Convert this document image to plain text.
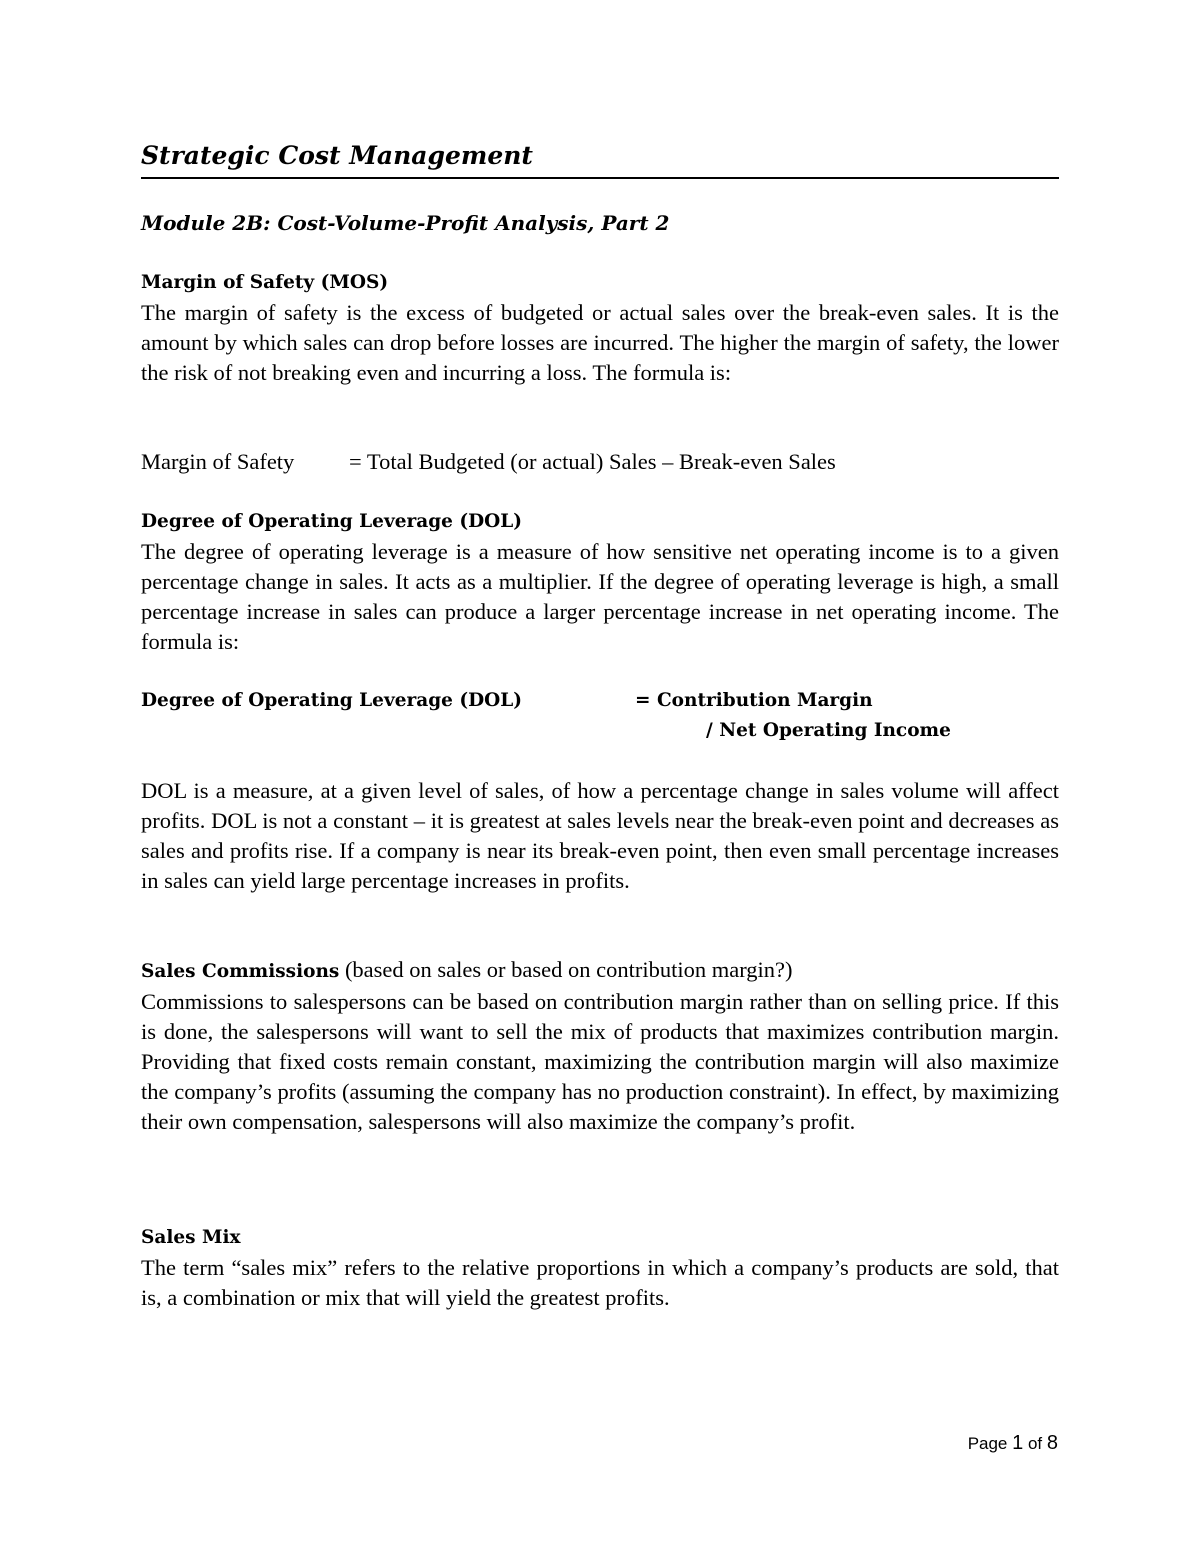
Strategic Cost Management
Module 2B: Cost-Volume-Profit Analysis, Part 2
Margin of Safety (MOS)
The margin of safety is the excess of budgeted or actual sales over the break-even sales. It is the amount by which sales can drop before losses are incurred. The higher the margin of safety, the lower the risk of not breaking even and incurring a loss. The formula is:
Margin of Safety = Total Budgeted (or actual) Sales – Break-even Sales
Degree of Operating Leverage (DOL)
The degree of operating leverage is a measure of how sensitive net operating income is to a given percentage change in sales. It acts as a multiplier. If the degree of operating leverage is high, a small percentage increase in sales can produce a larger percentage increase in net operating income. The formula is:
Degree of Operating Leverage (DOL)	= Contribution Margin
/ Net Operating Income
DOL is a measure, at a given level of sales, of how a percentage change in sales volume will affect profits. DOL is not a constant – it is greatest at sales levels near the break-even point and decreases as sales and profits rise. If a company is near its break-even point, then even small percentage increases in sales can yield large percentage increases in profits.
Sales Commissions (based on sales or based on contribution margin?)
Commissions to salespersons can be based on contribution margin rather than on selling price. If this is done, the salespersons will want to sell the mix of products that maximizes contribution margin. Providing that fixed costs remain constant, maximizing the contribution margin will also maximize the company’s profits (assuming the company has no production constraint). In effect, by maximizing their own compensation, salespersons will also maximize the company’s profit.
Sales Mix
The term “sales mix” refers to the relative proportions in which a company’s products are sold, that is, a combination or mix that will yield the greatest profits.
Page 1 of 8
